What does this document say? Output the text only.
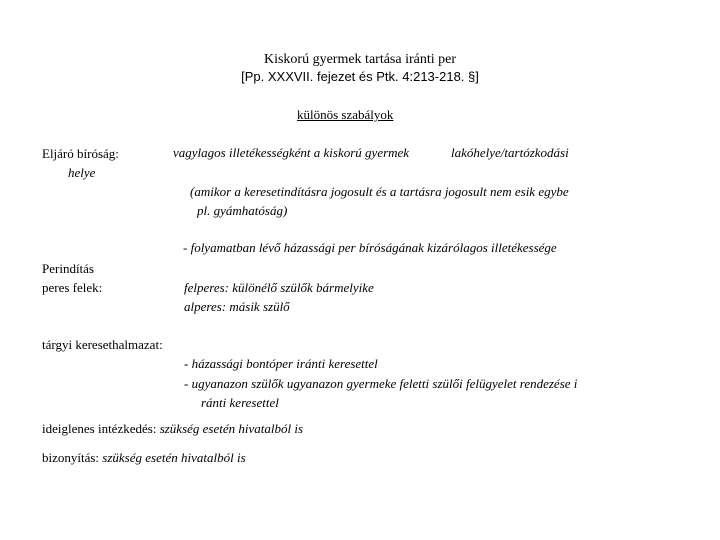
Kiskorú gyermek tartása iránti per
[Pp. XXXVII. fejezet és Ptk. 4:213-218. §]
különös szabályok
Eljáró bíróság:
helye
vagylagos illetékességként a kiskorú gyermek	lakóhelye/tartózkodási
(amikor a keresetindításra jogosult és a tartásra jogosult nem esik egybe
pl. gyámhatóság)
- folyamatban lévő házassági per bíróságának kizárólagos illetékessége
Perindítás
peres felek:	felperes: különélő szülők bármelyike
alperes: másik szülő
tárgyi keresethalmazat:
- házassági bontóper iránti keresettel
- ugyanazon szülők ugyanazon gyermeke feletti szülői felügyelet rendezése i
ránti keresettel
ideiglenes intézkedés: szükség esetén hivatalból is
bizonyítás: szükség esetén hivatalból is
